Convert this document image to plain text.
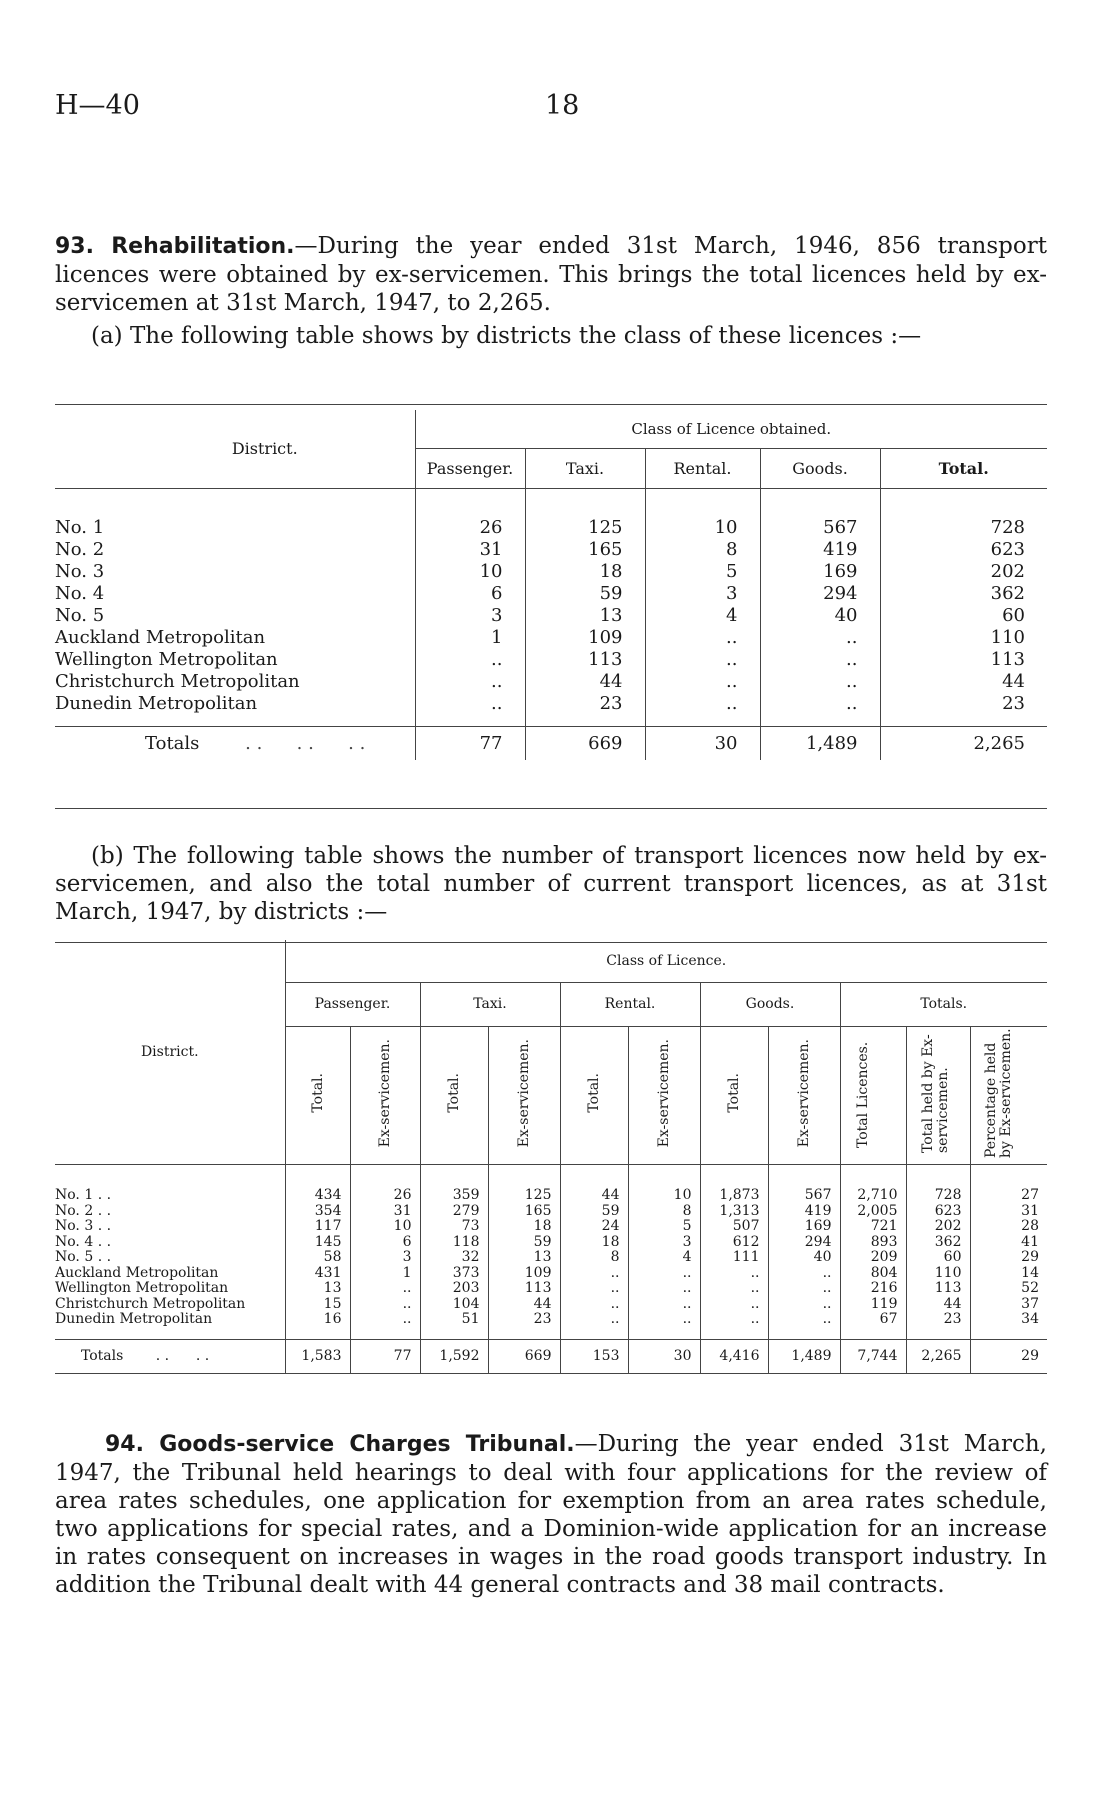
H—40	18

93. Rehabilitation.—During the year ended 31st March, 1946, 856 transport licences were obtained by ex-servicemen. This brings the total licences held by ex-servicemen at 31st March, 1947, to 2,265.

(a) The following table shows by districts the class of these licences :—

District.	Class of Licence obtained.				
	Passenger.	Taxi.	Rental.	Goods.	Total.

No. 1	26	125	10	567	728
No. 2	31	165	8	419	623
No. 3	10	18	5	169	202
No. 4	6	59	3	294	362
No. 5	3	13	4	40	60
Auckland Metropolitan	1	109	..	..	110
Wellington Metropolitan	..	113	..	..	113
Christchurch Metropolitan	..	44	..	..	44
Dunedin Metropolitan	..	23	..	..	23

Totals . .      . .      . .	77	669	30	1,489	2,265

(b) The following table shows the number of transport licences now held by ex-servicemen, and also the total number of current transport licences, as at 31st March, 1947, by districts :—

District.	Class of Licence.										
	Passenger.		Taxi.		Rental.		Goods.		Totals.		
	Total.	Ex-servicemen.	Total.	Ex-servicemen.	Total.	Ex-servicemen.	Total.	Ex-servicemen.	Total Licences.	Total held by Ex-servicemen.	Percentage held by Ex-servicemen.

No. 1 . .	434	26	359	125	44	10	1,873	567	2,710	728	27
No. 2 . .	354	31	279	165	59	8	1,313	419	2,005	623	31
No. 3 . .	117	10	73	18	24	5	507	169	721	202	28
No. 4 . .	145	6	118	59	18	3	612	294	893	362	41
No. 5 . .	58	3	32	13	8	4	111	40	209	60	29
Auckland Metropolitan	431	1	373	109	..	..	..	..	804	110	14
Wellington Metropolitan	13	..	203	113	..	..	..	..	216	113	52
Christchurch Metropolitan	15	..	104	44	..	..	..	..	119	44	37
Dunedin Metropolitan	16	..	51	23	..	..	..	..	67	23	34

Totals . .      . .	1,583	77	1,592	669	153	30	4,416	1,489	7,744	2,265	29

94. Goods-service Charges Tribunal.—During the year ended 31st March, 1947, the Tribunal held hearings to deal with four applications for the review of area rates schedules, one application for exemption from an area rates schedule, two applications for special rates, and a Dominion-wide application for an increase in rates consequent on increases in wages in the road goods transport industry. In addition the Tribunal dealt with 44 general contracts and 38 mail contracts.
